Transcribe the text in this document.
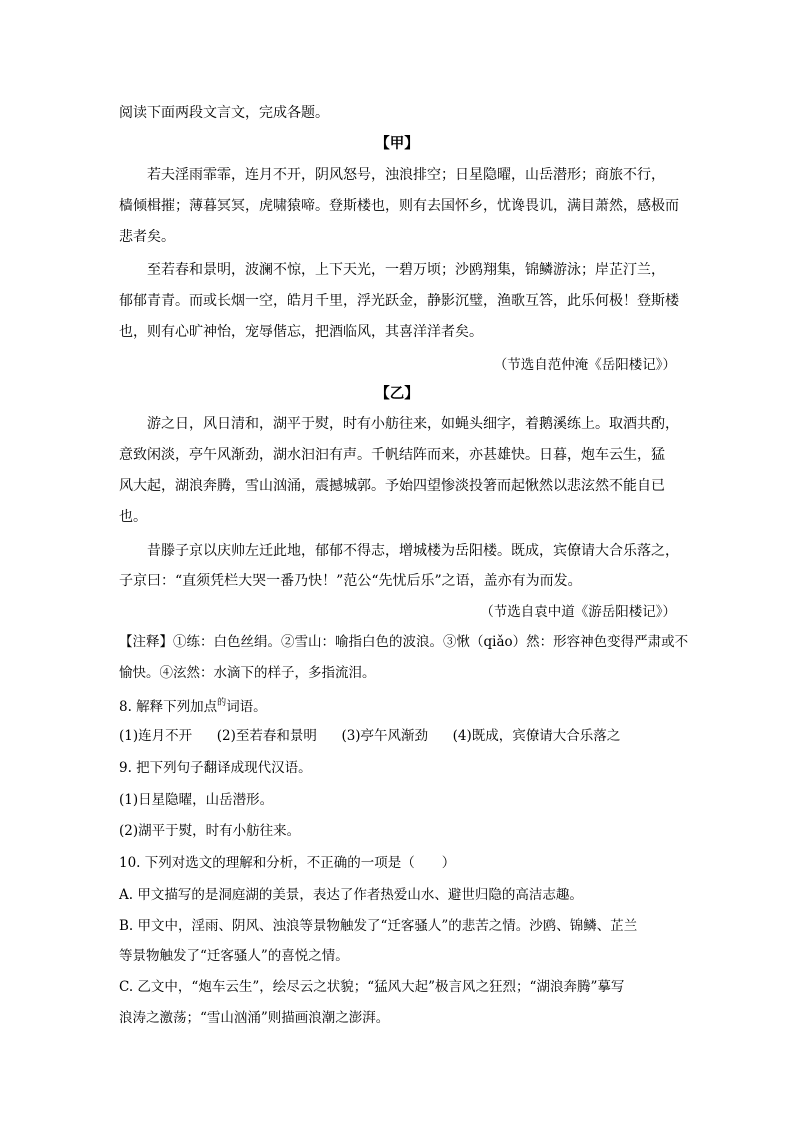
阅读下面两段文言文，完成各题。
【甲】
若夫淫雨霏霏，连月不开，阴风怒号，浊浪排空；日星隐曜，山岳潜形；商旅不行，
樯倾楫摧；薄暮冥冥，虎啸猿啼。登斯楼也，则有去国怀乡，忧谗畏讥，满目萧然，感极而
悲者矣。
至若春和景明，波澜不惊，上下天光，一碧万顷；沙鸥翔集，锦鳞游泳；岸芷汀兰，
郁郁青青。而或长烟一空，皓月千里，浮光跃金，静影沉璧，渔歌互答，此乐何极！登斯楼
也，则有心旷神怡，宠辱偕忘，把酒临风，其喜洋洋者矣。
（节选自范仲淹《岳阳楼记》）
【乙】
游之日，风日清和，湖平于熨，时有小舫往来，如蝇头细字，着鹅溪练上。取酒共酌，
意致闲淡，亭午风渐劲，湖水汩汩有声。千帆结阵而来，亦甚雄快。日暮，炮车云生，猛
风大起，湖浪奔腾，雪山汹涌，震撼城郭。予始四望惨淡投箸而起愀然以悲泫然不能自已
也。
昔滕子京以庆帅左迁此地，郁郁不得志，增城楼为岳阳楼。既成，宾僚请大合乐落之，
子京曰：“直须凭栏大哭一番乃快！”范公“先忧后乐”之语，盖亦有为而发。
（节选自袁中道《游岳阳楼记》）
【注释】①练：白色丝绢。②雪山：喻指白色的波浪。③愀（qiǎo）然：形容神色变得严肃或不
愉快。④泫然：水滴下的样子，多指流泪。
8. 解释下列加点$^的$词语。
(1)连月不开 (2)至若春和景明 (3)亭午风渐劲 (4)既成，宾僚请大合乐落之
9. 把下列句子翻译成现代汉语。
(1)日星隐曜，山岳潜形。
(2)湖平于熨，时有小舫往来。
10. 下列对选文的理解和分析，不正确的一项是（　　）
A. 甲文描写的是洞庭湖的美景，表达了作者热爱山水、避世归隐的高洁志趣。
B. 甲文中，淫雨、阴风、浊浪等景物触发了“迁客骚人”的悲苦之情。沙鸥、锦鳞、芷兰
等景物触发了“迁客骚人”的喜悦之情。
C. 乙文中，“炮车云生”，绘尽云之状貌；“猛风大起”极言风之狂烈；“湖浪奔腾”摹写
浪涛之激荡；“雪山汹涌”则描画浪潮之澎湃。
